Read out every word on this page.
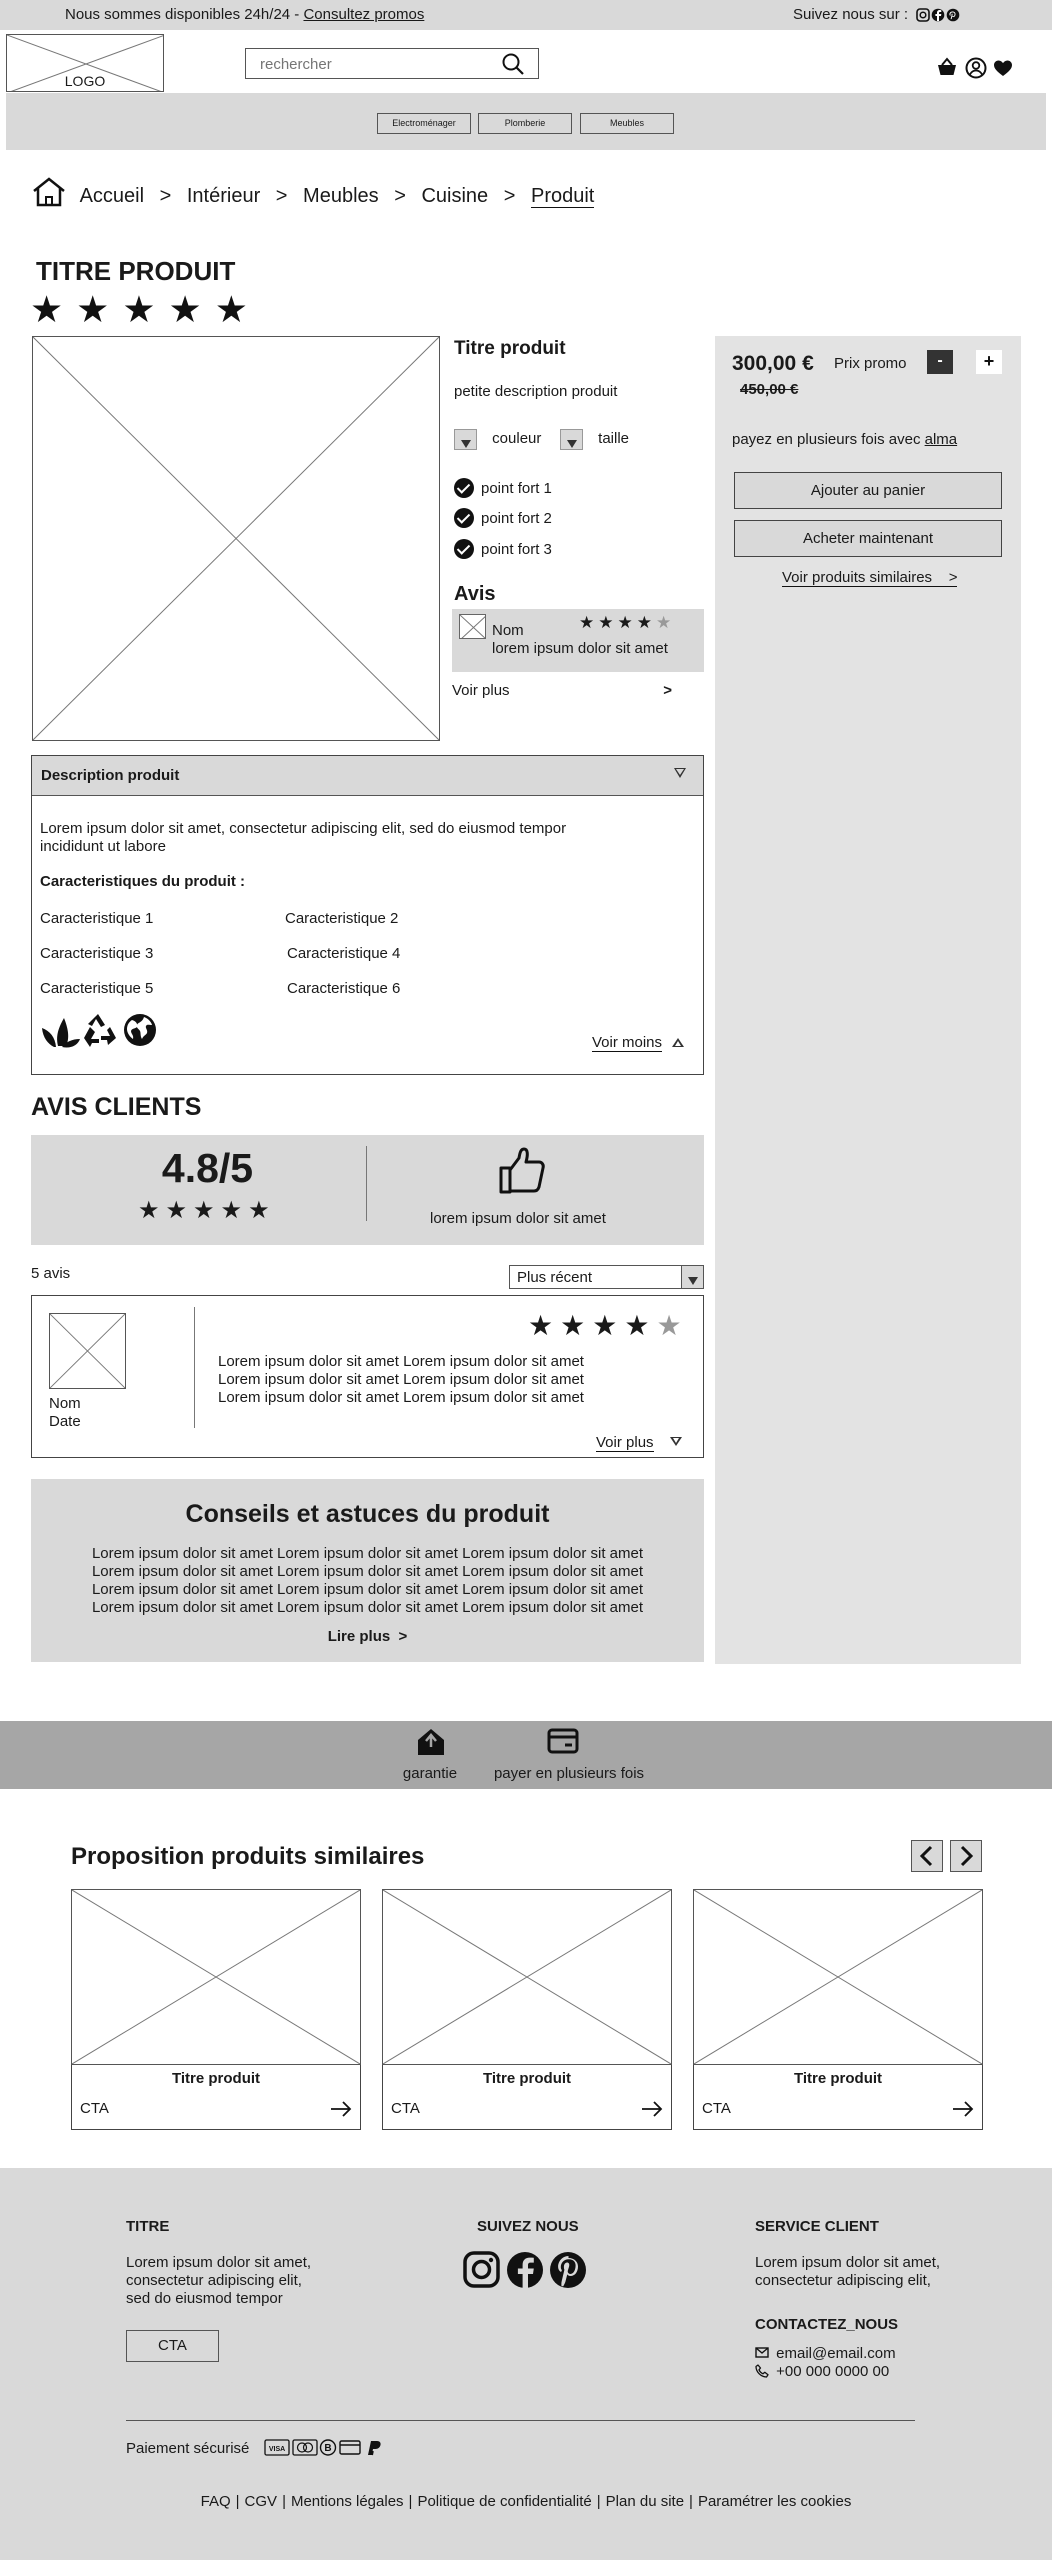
Nous sommes disponibles 24h/24 - Consultez promos	Suivez nous sur :
LOGO
rechercher
Electroménager	Plomberie	Meubles
Accueil > Intérieur > Meubles > Cuisine > Produit
TITRE PRODUIT
★★★★★
Titre produit
petite description produit
couleur	taille
point fort 1
point fort 2
point fort 3
Avis
Nom
lorem ipsum dolor sit amet
★★★★★
Voir plus	>
300,00 € Prix promo
450,00 €
-	+
payez en plusieurs fois avec alma
Ajouter au panier
Acheter maintenant
Voir produits similaires    >
Description produit
Lorem ipsum dolor sit amet, consectetur adipiscing elit, sed do eiusmod tempor incididunt ut labore
Caracteristiques du produit :
Caracteristique 1	Caracteristique 2
Caracteristique 3	Caracteristique 4
Caracteristique 5	Caracteristique 6
Voir moins
AVIS CLIENTS
4.8/5
★★★★★	lorem ipsum dolor sit amet
5 avis	Plus récent
Nom
Date
★★★★★
Lorem ipsum dolor sit amet Lorem ipsum dolor sit amet
Lorem ipsum dolor sit amet Lorem ipsum dolor sit amet
Lorem ipsum dolor sit amet Lorem ipsum dolor sit amet
Voir plus
Conseils et astuces du produit
Lorem ipsum dolor sit amet Lorem ipsum dolor sit amet Lorem ipsum dolor sit amet
Lorem ipsum dolor sit amet Lorem ipsum dolor sit amet Lorem ipsum dolor sit amet
Lorem ipsum dolor sit amet Lorem ipsum dolor sit amet Lorem ipsum dolor sit amet
Lorem ipsum dolor sit amet Lorem ipsum dolor sit amet Lorem ipsum dolor sit amet
Lire plus  >
garantie	payer en plusieurs fois
Proposition produits similaires
Titre produit
CTA
Titre produit
CTA
Titre produit
CTA
TITRE
Lorem ipsum dolor sit amet,
consectetur adipiscing elit,
sed do eiusmod tempor
CTA
SUIVEZ NOUS	SERVICE CLIENT
Lorem ipsum dolor sit amet,
consectetur adipiscing elit,
CONTACTEZ_NOUS
email@email.com
+00 000 0000 00
Paiement sécurisé	VISA	B
FAQ | CGV | Mentions légales | Politique de confidentialité | Plan du site | Paramétrer les cookies
